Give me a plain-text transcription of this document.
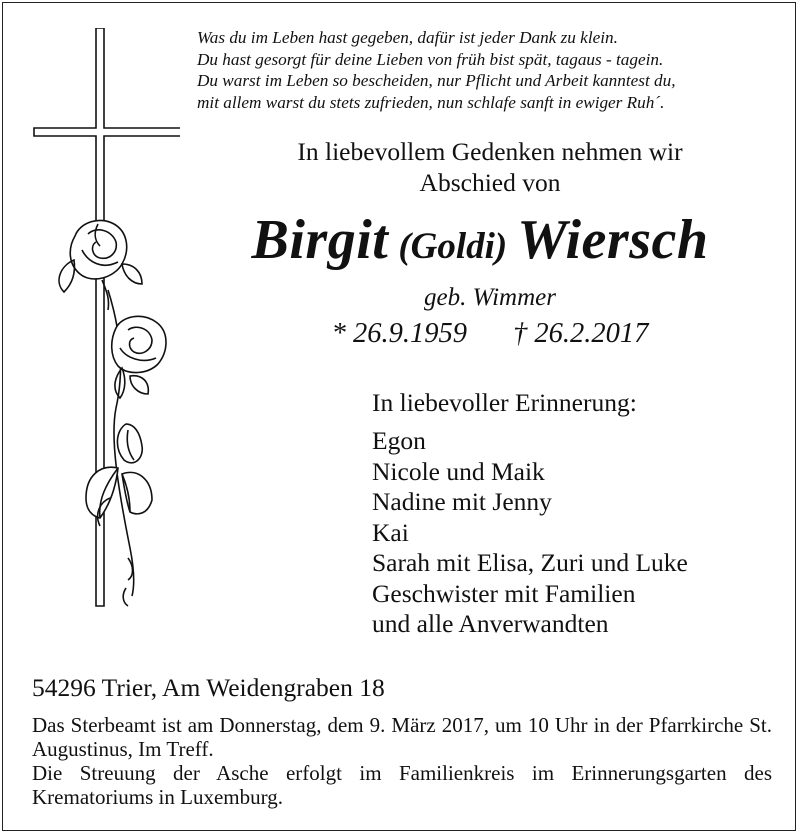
Was du im Leben hast gegeben, dafür ist jeder Dank zu klein.
Du hast gesorgt für deine Lieben von früh bist spät, tagaus - tagein.
Du warst im Leben so bescheiden, nur Pflicht und Arbeit kanntest du,
mit allem warst du stets zufrieden, nun schlafe sanft in ewiger Ruh´.
In liebevollem Gedenken nehmen wir
Abschied von
Birgit (Goldi) Wiersch
geb. Wimmer
* 26.9.1959 † 26.2.2017
In liebevoller Erinnerung:
Egon
Nicole und Maik
Nadine mit Jenny
Kai
Sarah mit Elisa, Zuri und Luke
Geschwister mit Familien
und alle Anverwandten
54296 Trier, Am Weidengraben 18

Das Sterbeamt ist am Donnerstag, dem 9. März 2017, um 10 Uhr in der Pfarrkirche St. Augustinus, Im Treff.

Die Streuung der Asche erfolgt im Familienkreis im Erinnerungsgarten des Krematoriums in Luxemburg.
